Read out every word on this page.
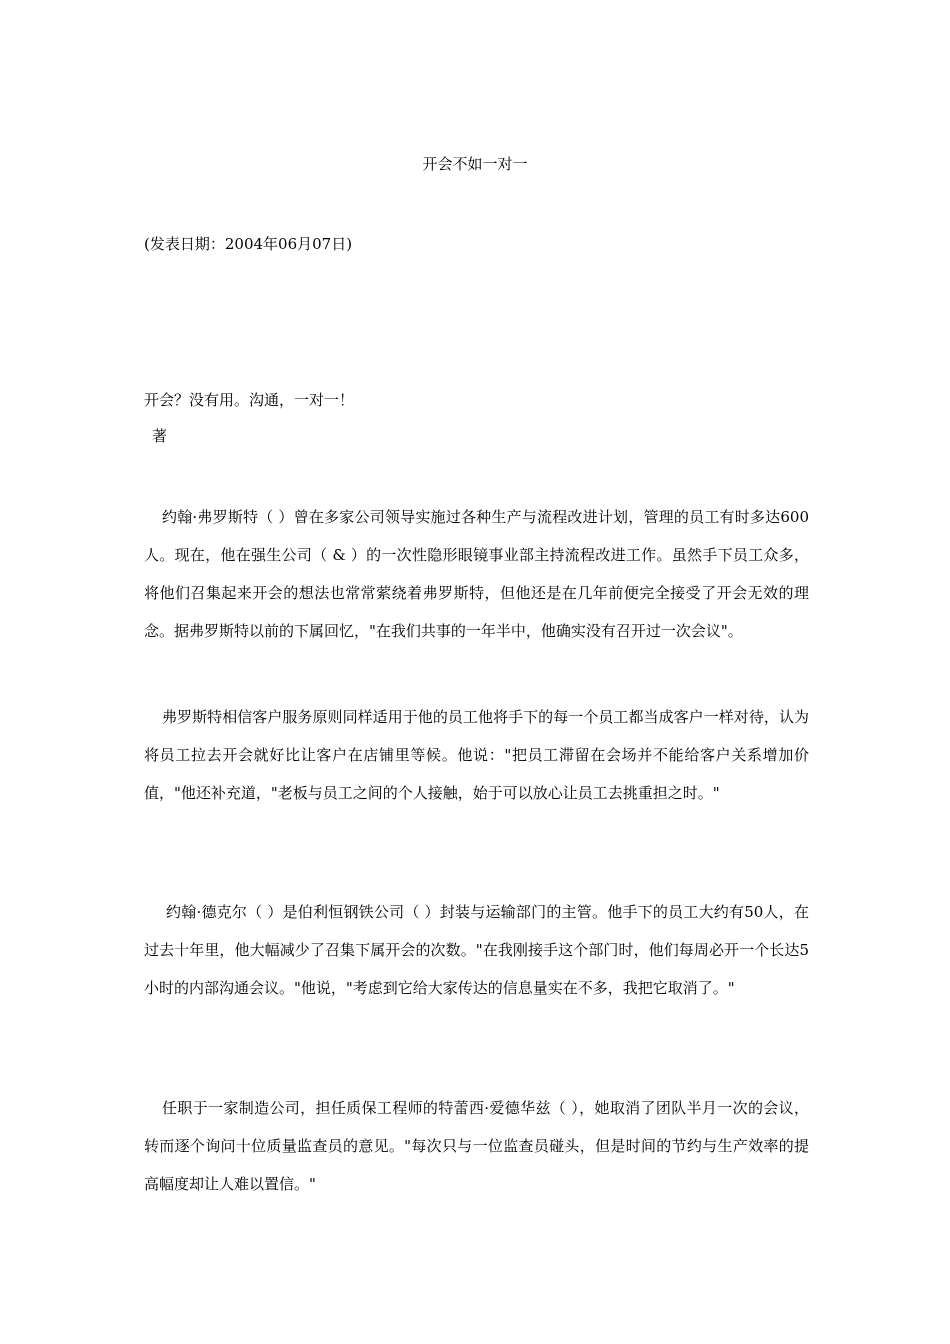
开会不如一对一
(发表日期：2004年06月07日)
开会？没有用。沟通，一对一！
著

约翰·弗罗斯特（ ）曾在多家公司领导实施过各种生产与流程改进计划，管理的员工有时多达600人。现在，他在强生公司（ & ）的一次性隐形眼镜事业部主持流程改进工作。虽然手下员工众多，将他们召集起来开会的想法也常常萦绕着弗罗斯特，但他还是在几年前便完全接受了开会无效的理念。据弗罗斯特以前的下属回忆，"在我们共事的一年半中，他确实没有召开过一次会议"。

弗罗斯特相信客户服务原则同样适用于他的员工他将手下的每一个员工都当成客户一样对待，认为将员工拉去开会就好比让客户在店铺里等候。他说："把员工滞留在会场并不能给客户关系增加价值，"他还补充道，"老板与员工之间的个人接触，始于可以放心让员工去挑重担之时。"

约翰·德克尔（ ）是伯利恒钢铁公司（ ）封装与运输部门的主管。他手下的员工大约有50人，在过去十年里，他大幅减少了召集下属开会的次数。"在我刚接手这个部门时，他们每周必开一个长达5小时的内部沟通会议。"他说，"考虑到它给大家传达的信息量实在不多，我把它取消了。"

任职于一家制造公司，担任质保工程师的特蕾西·爱德华兹（ ），她取消了团队半月一次的会议，转而逐个询问十位质量监查员的意见。"每次只与一位监查员碰头，但是时间的节约与生产效率的提高幅度却让人难以置信。"
